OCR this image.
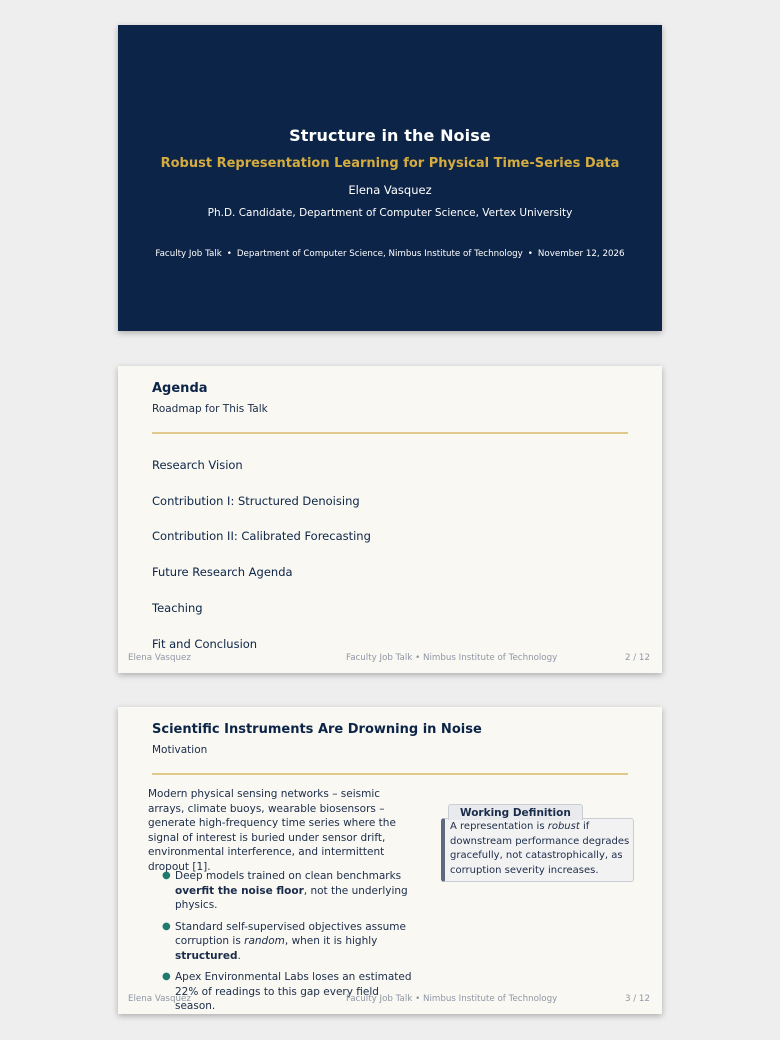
Structure in the Noise
Robust Representation Learning for Physical Time-Series Data
Elena Vasquez
Ph.D. Candidate, Department of Computer Science, Vertex University
Faculty Job Talk • Department of Computer Science, Nimbus Institute of Technology • November 12, 2026
Agenda
Roadmap for This Talk
Research Vision
Contribution I: Structured Denoising
Contribution II: Calibrated Forecasting
Future Research Agenda
Teaching
Fit and Conclusion
Elena Vasquez	Faculty Job Talk • Nimbus Institute of Technology	2 / 12
Scientific Instruments Are Drowning in Noise
Motivation
Modern physical sensing networks – seismic arrays, climate buoys, wearable biosensors – generate high-frequency time series where the signal of interest is buried under sensor drift, environmental interference, and intermittent dropout [1].
● Deep models trained on clean benchmarks overfit the noise floor, not the underlying physics.
● Standard self-supervised objectives assume corruption is random, when it is highly structured.
● Apex Environmental Labs loses an estimated 22% of readings to this gap every field season.
Working Definition
A representation is robust if downstream performance degrades gracefully, not catastrophically, as corruption severity increases.
Elena Vasquez	Faculty Job Talk • Nimbus Institute of Technology	3 / 12
